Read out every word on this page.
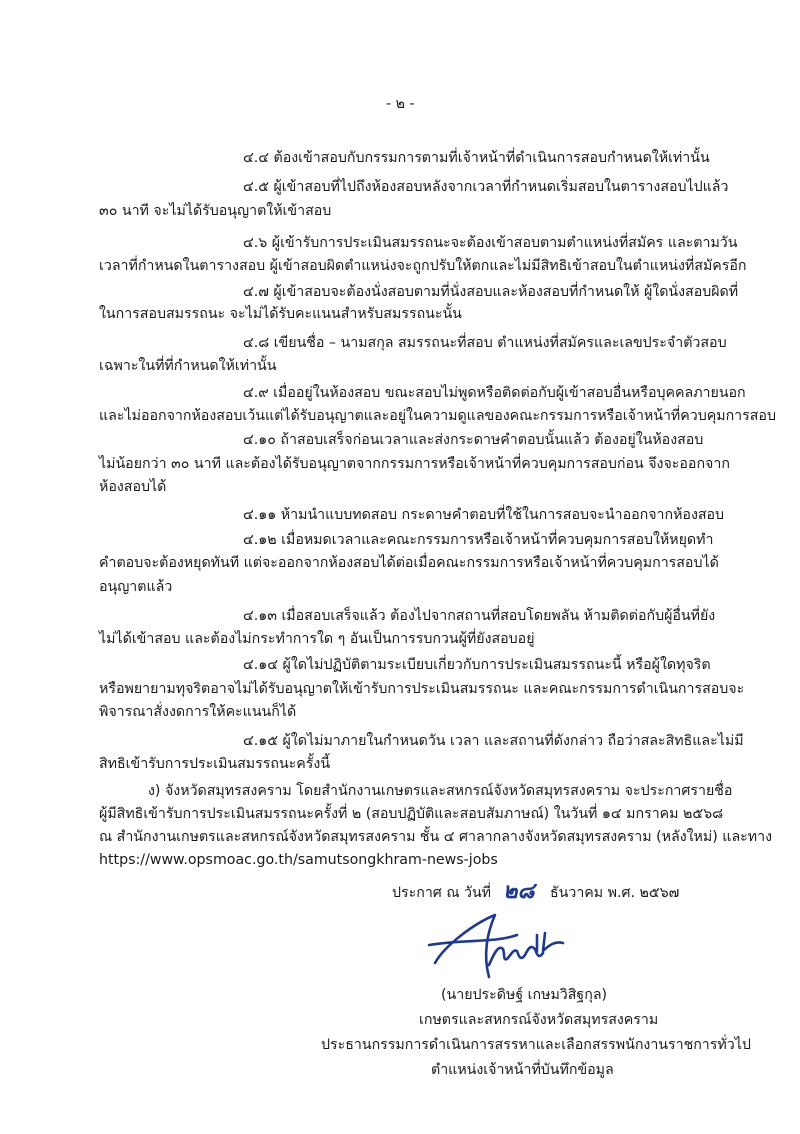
- ๒ -
๔.๔ ต้องเข้าสอบกับกรรมการตามที่เจ้าหน้าที่ดำเนินการสอบกำหนดให้เท่านั้น
๔.๕ ผู้เข้าสอบที่ไปถึงห้องสอบหลังจากเวลาที่กำหนดเริ่มสอบในตารางสอบไปแล้ว
๓๐ นาที จะไม่ได้รับอนุญาตให้เข้าสอบ
๔.๖ ผู้เข้ารับการประเมินสมรรถนะจะต้องเข้าสอบตามตำแหน่งที่สมัคร และตามวัน
เวลาที่กำหนดในตารางสอบ ผู้เข้าสอบผิดตำแหน่งจะถูกปรับให้ตกและไม่มีสิทธิเข้าสอบในตำแหน่งที่สมัครอีก
๔.๗ ผู้เข้าสอบจะต้องนั่งสอบตามที่นั่งสอบและห้องสอบที่กำหนดให้ ผู้ใดนั่งสอบผิดที่
ในการสอบสมรรถนะ จะไม่ได้รับคะแนนสำหรับสมรรถนะนั้น
๔.๘ เขียนชื่อ – นามสกุล สมรรถนะที่สอบ ตำแหน่งที่สมัครและเลขประจำตัวสอบ
เฉพาะในที่ที่กำหนดให้เท่านั้น
๔.๙ เมื่ออยู่ในห้องสอบ ขณะสอบไม่พูดหรือติดต่อกับผู้เข้าสอบอื่นหรือบุคคลภายนอก
และไม่ออกจากห้องสอบเว้นแต่ได้รับอนุญาตและอยู่ในความดูแลของคณะกรรมการหรือเจ้าหน้าที่ควบคุมการสอบ
๔.๑๐ ถ้าสอบเสร็จก่อนเวลาและส่งกระดาษคำตอบนั้นแล้ว ต้องอยู่ในห้องสอบ
ไม่น้อยกว่า ๓๐ นาที และต้องได้รับอนุญาตจากกรรมการหรือเจ้าหน้าที่ควบคุมการสอบก่อน จึงจะออกจาก
ห้องสอบได้
๔.๑๑ ห้ามนำแบบทดสอบ กระดาษคำตอบที่ใช้ในการสอบจะนำออกจากห้องสอบ
๔.๑๒ เมื่อหมดเวลาและคณะกรรมการหรือเจ้าหน้าที่ควบคุมการสอบให้หยุดทำ
คำตอบจะต้องหยุดทันที แต่จะออกจากห้องสอบได้ต่อเมื่อคณะกรรมการหรือเจ้าหน้าที่ควบคุมการสอบได้
อนุญาตแล้ว
๔.๑๓ เมื่อสอบเสร็จแล้ว ต้องไปจากสถานที่สอบโดยพลัน ห้ามติดต่อกับผู้อื่นที่ยัง
ไม่ได้เข้าสอบ และต้องไม่กระทำการใด ๆ อันเป็นการรบกวนผู้ที่ยังสอบอยู่
๔.๑๔ ผู้ใดไม่ปฏิบัติตามระเบียบเกี่ยวกับการประเมินสมรรถนะนี้ หรือผู้ใดทุจริต
หรือพยายามทุจริตอาจไม่ได้รับอนุญาตให้เข้ารับการประเมินสมรรถนะ และคณะกรรมการดำเนินการสอบจะ
พิจารณาสั่งงดการให้คะแนนก็ได้
๔.๑๕ ผู้ใดไม่มาภายในกำหนดวัน เวลา และสถานที่ดังกล่าว ถือว่าสละสิทธิและไม่มี
สิทธิเข้ารับการประเมินสมรรถนะครั้งนี้
ง) จังหวัดสมุทรสงคราม โดยสำนักงานเกษตรและสหกรณ์จังหวัดสมุทรสงคราม จะประกาศรายชื่อ
ผู้มีสิทธิเข้ารับการประเมินสมรรถนะครั้งที่ ๒ (สอบปฏิบัติและสอบสัมภาษณ์) ในวันที่ ๑๔ มกราคม ๒๕๖๘
ณ สำนักงานเกษตรและสหกรณ์จังหวัดสมุทรสงคราม ชั้น ๔ ศาลากลางจังหวัดสมุทรสงคราม (หลังใหม่) และทาง
https://www.opsmoac.go.th/samutsongkhram-news-jobs
ประกาศ ณ วันที่ ๒๘ ธันวาคม พ.ศ. ๒๕๖๗
(นายประดิษฐ์ เกษมวิสิฐกุล)
เกษตรและสหกรณ์จังหวัดสมุทรสงคราม
ประธานกรรมการดำเนินการสรรหาและเลือกสรรพนักงานราชการทั่วไป
ตำแหน่งเจ้าหน้าที่บันทึกข้อมูล
